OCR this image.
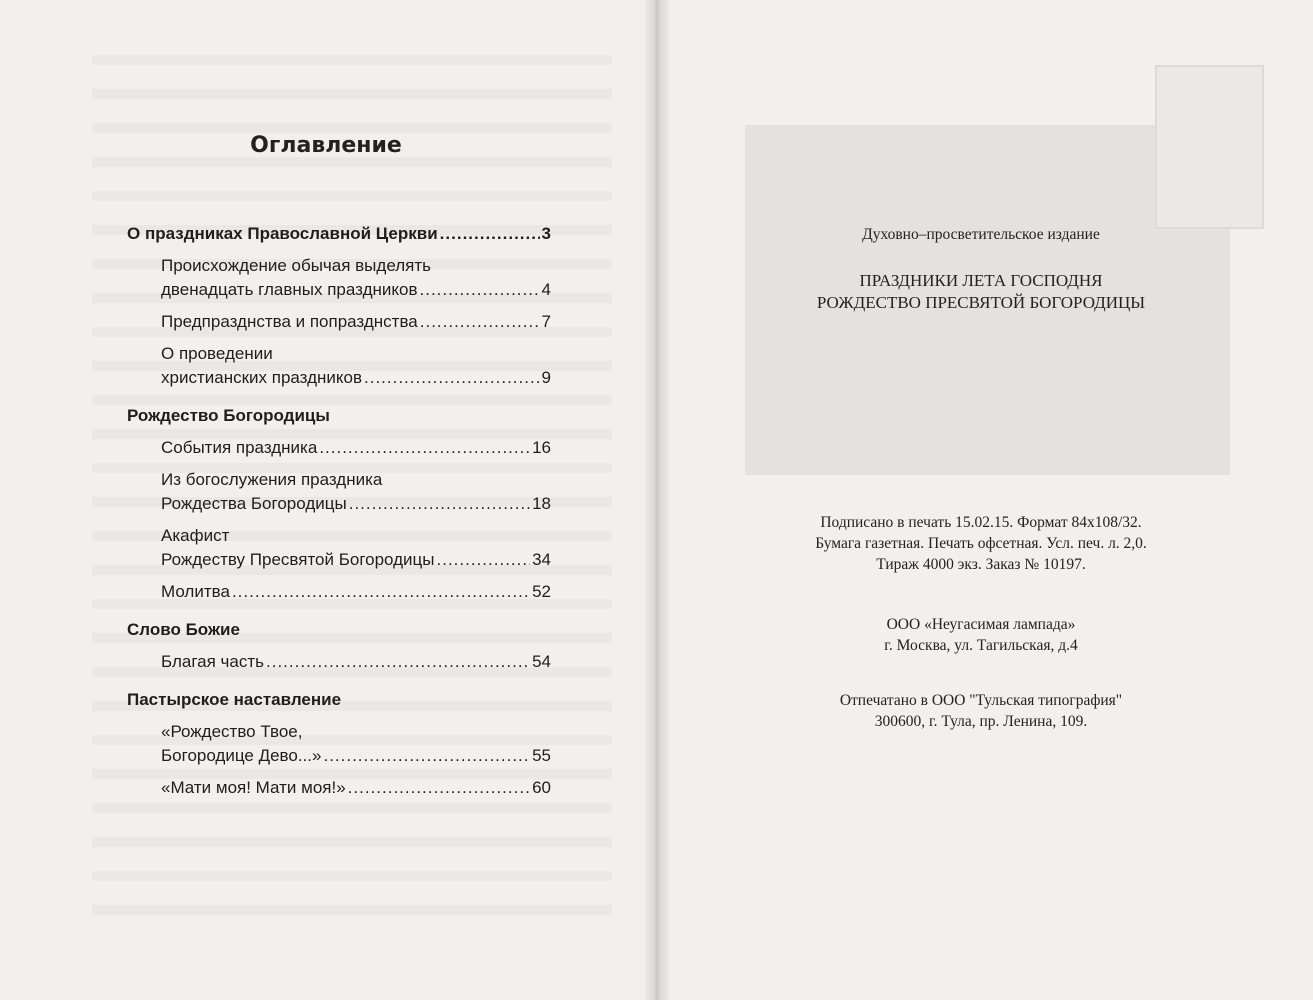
Оглавление
О праздниках Православной Церкви .....	3
Происхождение обычая выделять
двенадцать главных праздников .....	4
Предпразднства и попразднства .....	7
О проведении
христианских праздников .....	9
Рождество Богородицы
События праздника .....	16
Из богослужения праздника
Рождества Богородицы .....	18
Акафист
Рождеству Пресвятой Богородицы .....	34
Молитва .....	52
Слово Божие
Благая часть .....	54
Пастырское наставление
«Рождество Твое,
Богородице Дево...» .....	55
«Мати моя! Мати моя!» .....	60
Духовно–просветительское издание
ПРАЗДНИКИ ЛЕТА ГОСПОДНЯ
РОЖДЕСТВО ПРЕСВЯТОЙ БОГОРОДИЦЫ
Подписано в печать 15.02.15. Формат 84х108/32.
Бумага газетная. Печать офсетная. Усл. печ. л. 2,0.
Тираж 4000 экз. Заказ № 10197.
ООО «Неугасимая лампада»
г. Москва, ул. Тагильская, д.4
Отпечатано в ООО "Тульская типография"
300600, г. Тула, пр. Ленина, 109.
